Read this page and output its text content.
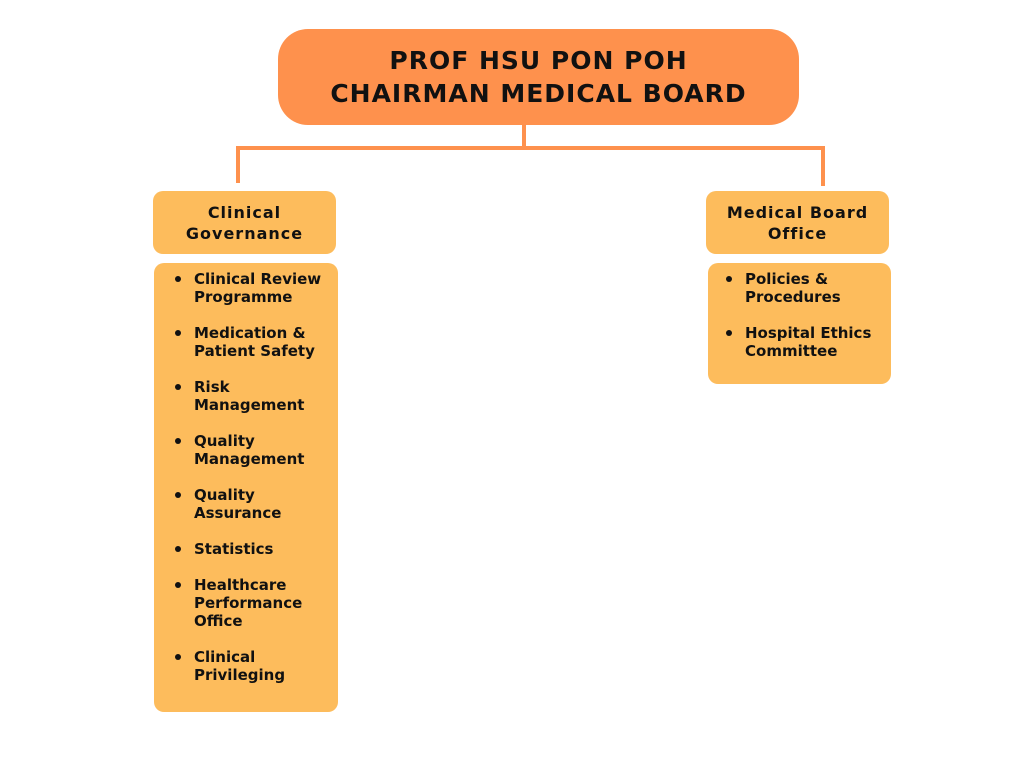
PROF HSU PON POH
CHAIRMAN MEDICAL BOARD
Clinical
Governance
Clinical Review
Programme
Medication &
Patient Safety
Risk
Management
Quality
Management
Quality
Assurance
Statistics
Healthcare
Performance
Office
Clinical
Privileging
Medical Board
Office
Policies &
Procedures
Hospital Ethics
Committee
